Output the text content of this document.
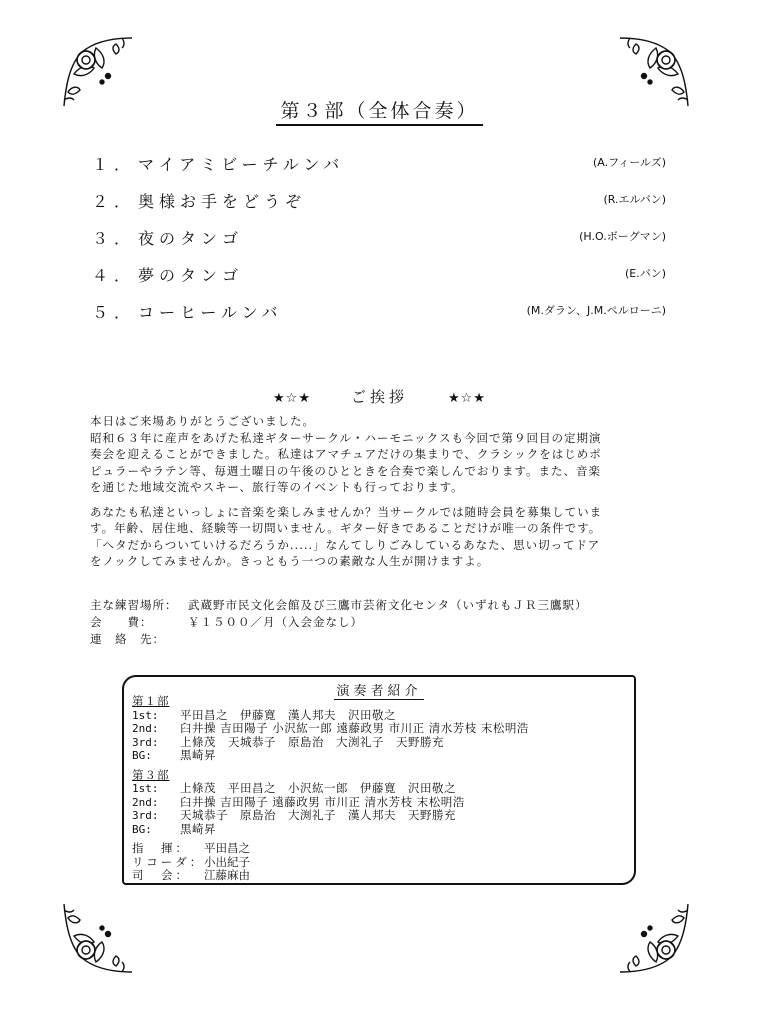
第３部（全体合奏）
１． マイアミビーチルンバ	(A.フィールズ)
２． 奥様お手をどうぞ	(R.エルバン)
３． 夜のタンゴ	(H.O.ボーグマン)
４． 夢のタンゴ	(E.バン)
５． コーヒールンバ	(M.ダラン、J.M.ペルローニ)
★☆★	ご挨拶	★☆★

本日はご来場ありがとうございました。
昭和６３年に産声をあげた私達ギターサークル・ハーモニックスも今回で第９回目の定期演
奏会を迎えることができました。私達はアマチュアだけの集まりで、クラシックをはじめポ
ピュラーやラテン等、毎週土曜日の午後のひとときを合奏で楽しんでおります。また、音楽
を通じた地域交流やスキー、旅行等のイベントも行っております。

あなたも私達といっしょに音楽を楽しみませんか？当サークルでは随時会員を募集していま
す。年齢、居住地、経験等一切問いません。ギター好きであることだけが唯一の条件です。
「ヘタだからついていけるだろうか.....」なんてしりごみしているあなた、思い切ってドア
をノックしてみませんか。きっともう一つの素敵な人生が開けますよ。

主な練習場所： 武蔵野市民文化会館及び三鷹市芸術文化センタ（いずれもＪＲ三鷹駅）
会　　費：	￥１５００／月（入会金なし）
連　絡　先：
演奏者紹介
第１部
1st: 平田昌之　伊藤寛　漢人邦夫　沢田敬之
2nd: 臼井操 吉田陽子 小沢紘一郎 遠藤政男 市川正 清水芳枝 末松明浩
3rd: 上條茂　天城恭子　原島治　大渕礼子　天野勝充
BG: 黒崎昇
第３部
1st: 上條茂　平田昌之　小沢紘一郎　伊藤寛　沢田敬之
2nd: 臼井操 吉田陽子 遠藤政男 市川正 清水芳枝 末松明浩
3rd: 天城恭子　原島治　大渕礼子　漢人邦夫　天野勝充
BG: 黒崎昇
指　揮： 平田昌之
リコーダ：小出紀子
司　会： 江藤麻由
